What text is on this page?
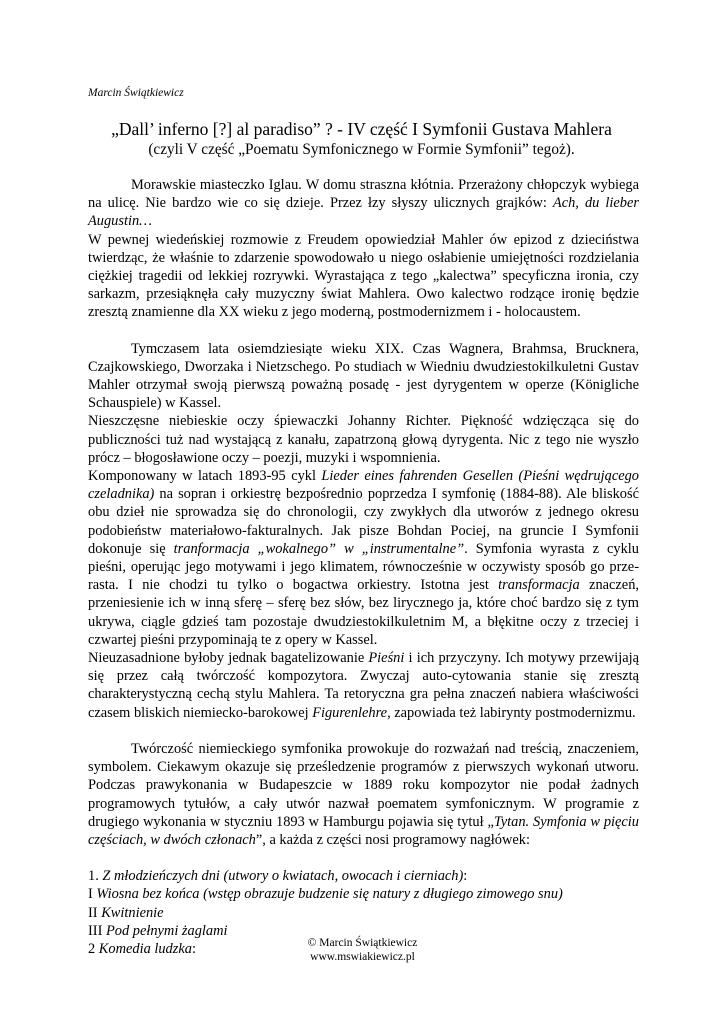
Marcin Świątkiewicz
„Dall’ inferno [?] al paradiso” ? - IV część I Symfonii Gustava Mahlera
(czyli V część „Poematu Symfonicznego w Formie Symfonii” tegoż).

Morawskie miasteczko Iglau. W domu straszna kłótnia. Przerażony chłopczyk wybiega na ulicę. Nie bardzo wie co się dzieje. Przez łzy słyszy ulicznych grajków: Ach, du lieber Augustin…

W pewnej wiedeńskiej rozmowie z Freudem opowiedział Mahler ów epizod z dzieciństwa twierdząc, że właśnie to zdarzenie spowodowało u niego osłabienie umiejętności rozdzielania ciężkiej tragedii od lekkiej rozrywki. Wyrastająca z tego „kalectwa” specyficzna ironia, czy sarkazm, przesiąknęła cały muzyczny świat Mahlera. Owo kalectwo rodzące ironię będzie zresztą znamienne dla XX wieku z jego moderną, postmodernizmem i - holocaustem.

Tymczasem lata osiemdziesiąte wieku XIX. Czas Wagnera, Brahmsa, Brucknera, Czajkowskiego, Dworzaka i Nietzschego. Po studiach w Wiedniu dwudziestokilkuletni Gustav Mahler otrzymał swoją pierwszą poważną posadę - jest dyrygentem w operze (Königliche Schauspiele) w Kassel.

Nieszczęsne niebieskie oczy śpiewaczki Johanny Richter. Piękność wdzięcząca się do publiczności tuż nad wystającą z kanału, zapatrzoną głową dyrygenta. Nic z tego nie wyszło prócz – błogosławione oczy – poezji, muzyki i wspomnienia.

Komponowany w latach 1893-95 cykl Lieder eines fahrenden Gesellen (Pieśni wędrującego czeladnika) na sopran i orkiestrę bezpośrednio poprzedza I symfonię (1884-88). Ale bliskość obu dzieł nie sprowadza się do chronologii, czy zwykłych dla utworów z jednego okresu podobieństw materiałowo-fakturalnych. Jak pisze Bohdan Pociej, na gruncie I Symfonii dokonuje się tranformacja „wokalnego” w „instrumentalne”. Symfonia wyrasta z cyklu pieśni, operując jego motywami i jego klimatem, równocześnie w oczywisty sposób go prze-rasta. I nie chodzi tu tylko o bogactwa orkiestry. Istotna jest transformacja znaczeń, przeniesienie ich w inną sferę – sferę bez słów, bez lirycznego ja, które choć bardzo się z tym ukrywa, ciągle gdzieś tam pozostaje dwudziestokilkuletnim M, a błękitne oczy z trzeciej i czwartej pieśni przypominają te z opery w Kassel.

Nieuzasadnione byłoby jednak bagatelizowanie Pieśni i ich przyczyny. Ich motywy przewijają się przez całą twórczość kompozytora. Zwyczaj auto-cytowania stanie się zresztą charakterystyczną cechą stylu Mahlera. Ta retoryczna gra pełna znaczeń nabiera właściwości czasem bliskich niemiecko-barokowej Figurenlehre, zapowiada też labirynty postmodernizmu.

Twórczość niemieckiego symfonika prowokuje do rozważań nad treścią, znaczeniem, symbolem. Ciekawym okazuje się prześledzenie programów z pierwszych wykonań utworu. Podczas prawykonania w Budapeszcie w 1889 roku kompozytor nie podał żadnych programowych tytułów, a cały utwór nazwał poematem symfonicznym. W programie z drugiego wykonania w styczniu 1893 w Hamburgu pojawia się tytuł „Tytan. Symfonia w pięciu częściach, w dwóch członach”, a każda z części nosi programowy nagłówek:

1. Z młodzieńczych dni (utwory o kwiatach, owocach i cierniach):

I Wiosna bez końca (wstęp obrazuje budzenie się natury z długiego zimowego snu)

II Kwitnienie

III Pod pełnymi żaglami

2 Komedia ludzka:	© Marcin Świątkiewicz
www.mswiakiewicz.pl
